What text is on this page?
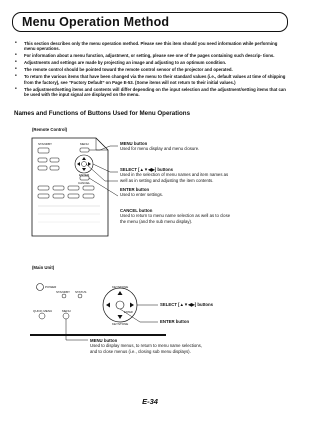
Menu Operation Method
• This section describes only the menu operation method. Please see this item should you need information while performing menu operations.
• For information about a menu function, adjustment, or setting, please see one of the pages containing such descrip- tions.
• Adjustments and settings are made by projecting an image and adjusting to an optimum condition.
• The remote control should be pointed toward the remote control sensor of the projector and operated.
• To return the various items that have been changed via the menu to their standard values (i.e., default values at time of shipping from the factory), see “Factory Default” on Page E-53. (Some items will not return to their initial values.)
• The adjustment/setting items and contents will differ depending on the input selection and the adjustment/setting items that can be used with the input signal are displayed on the menu.
Names and Functions of Buttons Used for Menu Operations
(Remote Control)
STANDBY	MENU
ENTER
CANCEL
MENU button
Used for menu display and menu closure.
SELECT [▲▼◀▶] buttons
Used in the selection of menu names and item names as
well as in setting and adjusting the item contents.
ENTER button
Used to enter settings.
CANCEL button
Used to return to menu name selection as well as to close
the menu (and the sub menu display).
(Main Unit)
POWER
STANDBY STATUS
QUICK MENU	MENU
KEYSTONE
KEYSTONE
ENTER
SELECT [▲▼◀▶] buttons
ENTER button
MENU button
Used to display menus, to return to menu name selections,
and to close menus (i.e., closing sub menu displays).
E-34
